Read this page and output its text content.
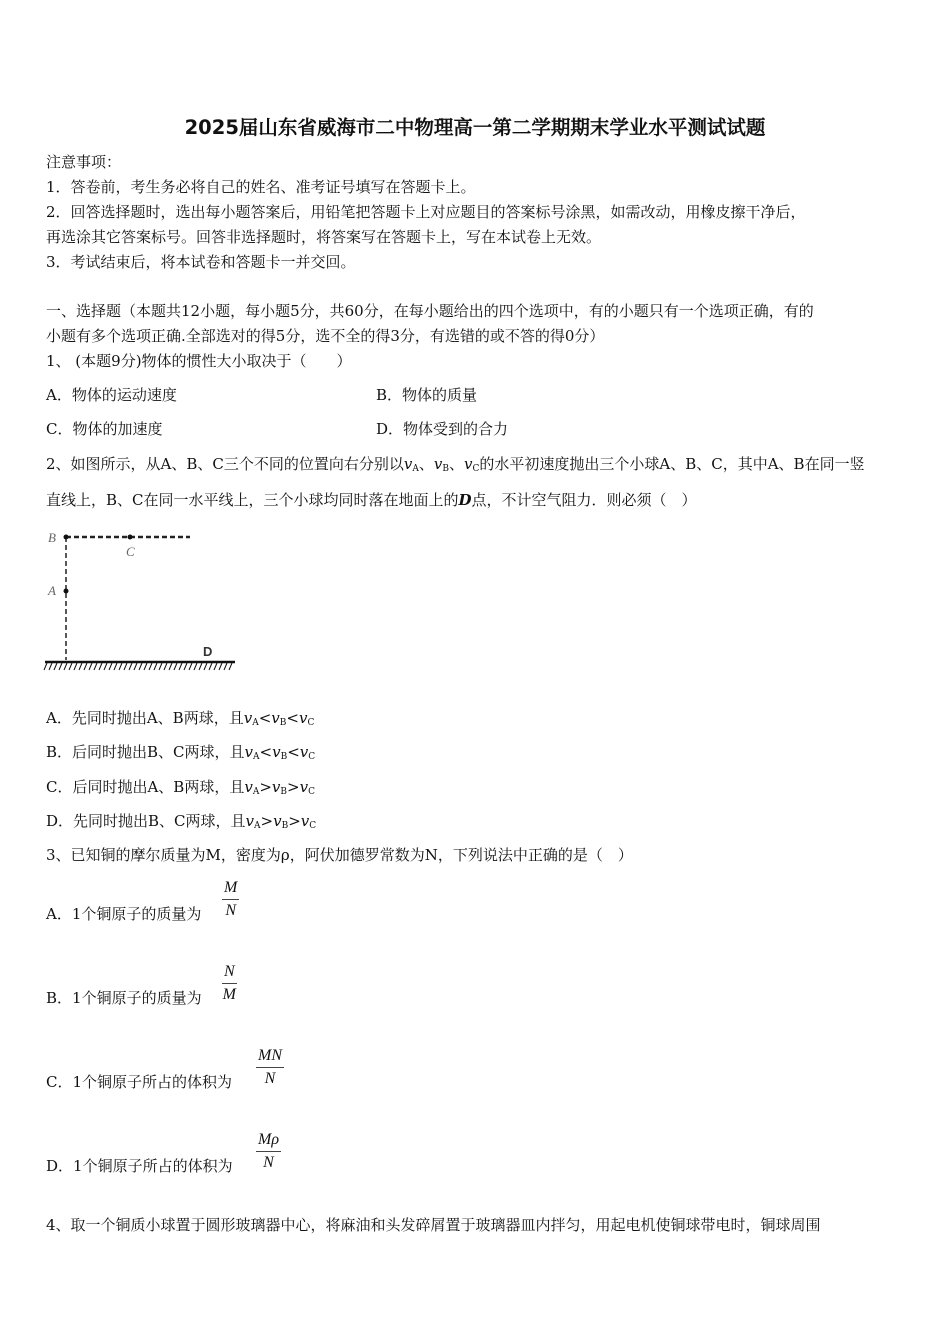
2025届山东省威海市二中物理高一第二学期期末学业水平测试试题
注意事项：
1．答卷前，考生务必将自己的姓名、准考证号填写在答题卡上。
2．回答选择题时，选出每小题答案后，用铅笔把答题卡上对应题目的答案标号涂黑，如需改动，用橡皮擦干净后，
再选涂其它答案标号。回答非选择题时，将答案写在答题卡上，写在本试卷上无效。
3．考试结束后，将本试卷和答题卡一并交回。
一、选择题（本题共12小题，每小题5分，共60分，在每小题给出的四个选项中，有的小题只有一个选项正确，有的
小题有多个选项正确.全部选对的得5分，选不全的得3分，有选错的或不答的得0分）
1、 (本题9分)物体的惯性大小取决于（　　）
A．物体的运动速度	B．物体的质量
C．物体的加速度	D．物体受到的合力
2、如图所示，从A、B、C三个不同的位置向右分别以$v_A$、$v_B$、$v_C$的水平初速度抛出三个小球A、B、C，其中A、B在同一竖
直线上，B、C在同一水平线上，三个小球均同时落在地面上的D点，不计空气阻力．则必须（　）
B
C
A
D
A．先同时抛出A、B两球，且$v_A<v_B<v_C$
B．后同时抛出B、C两球，且$v_A<v_B<v_C$
C．后同时抛出A、B两球，且$v_A>v_B>v_C$
D．先同时抛出B、C两球，且$v_A>v_B>v_C$
3、已知铜的摩尔质量为M，密度为ρ，阿伏加德罗常数为N，下列说法中正确的是（　）
A．1个铜原子的质量为
M
N
B．1个铜原子的质量为
N
M
C．1个铜原子所占的体积为
MN
N
D．1个铜原子所占的体积为
Mρ
N
4、取一个铜质小球置于圆形玻璃器中心，将麻油和头发碎屑置于玻璃器皿内拌匀，用起电机使铜球带电时，铜球周围
